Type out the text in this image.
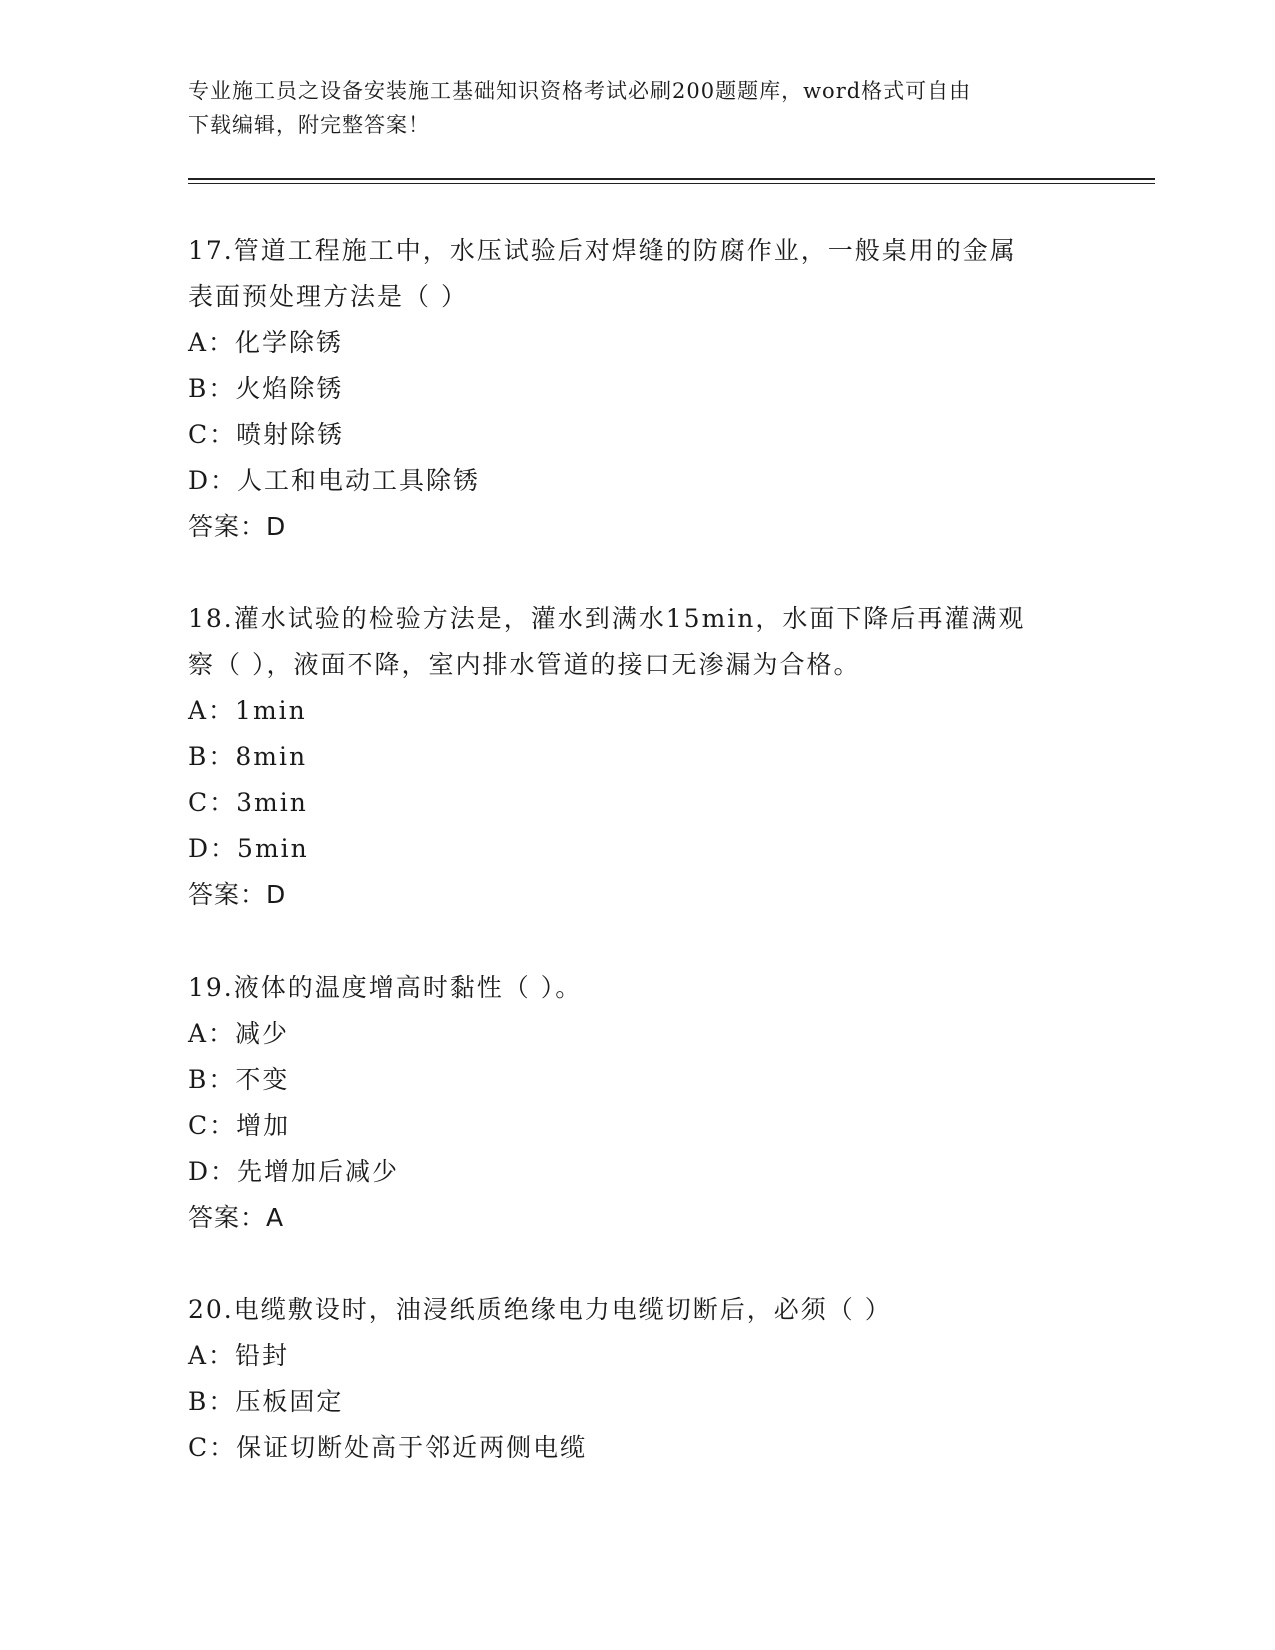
专业施工员之设备安装施工基础知识资格考试必刷200题题库，word格式可自由
下载编辑，附完整答案！
17.管道工程施工中，水压试验后对焊缝的防腐作业，一般桌用的金属
表面预处理方法是（ ）
A：化学除锈
B：火焰除锈
C：喷射除锈
D：人工和电动工具除锈
答案：D
18.灌水试验的检验方法是，灌水到满水15min，水面下降后再灌满观
察（ ），液面不降，室内排水管道的接口无渗漏为合格。
A：1min
B：8min
C：3min
D：5min
答案：D
19.液体的温度增高时黏性（ ）。
A：减少
B：不变
C：增加
D：先增加后减少
答案：A
20.电缆敷设时，油浸纸质绝缘电力电缆切断后，必须（ ）
A：铅封
B：压板固定
C：保证切断处高于邻近两侧电缆
